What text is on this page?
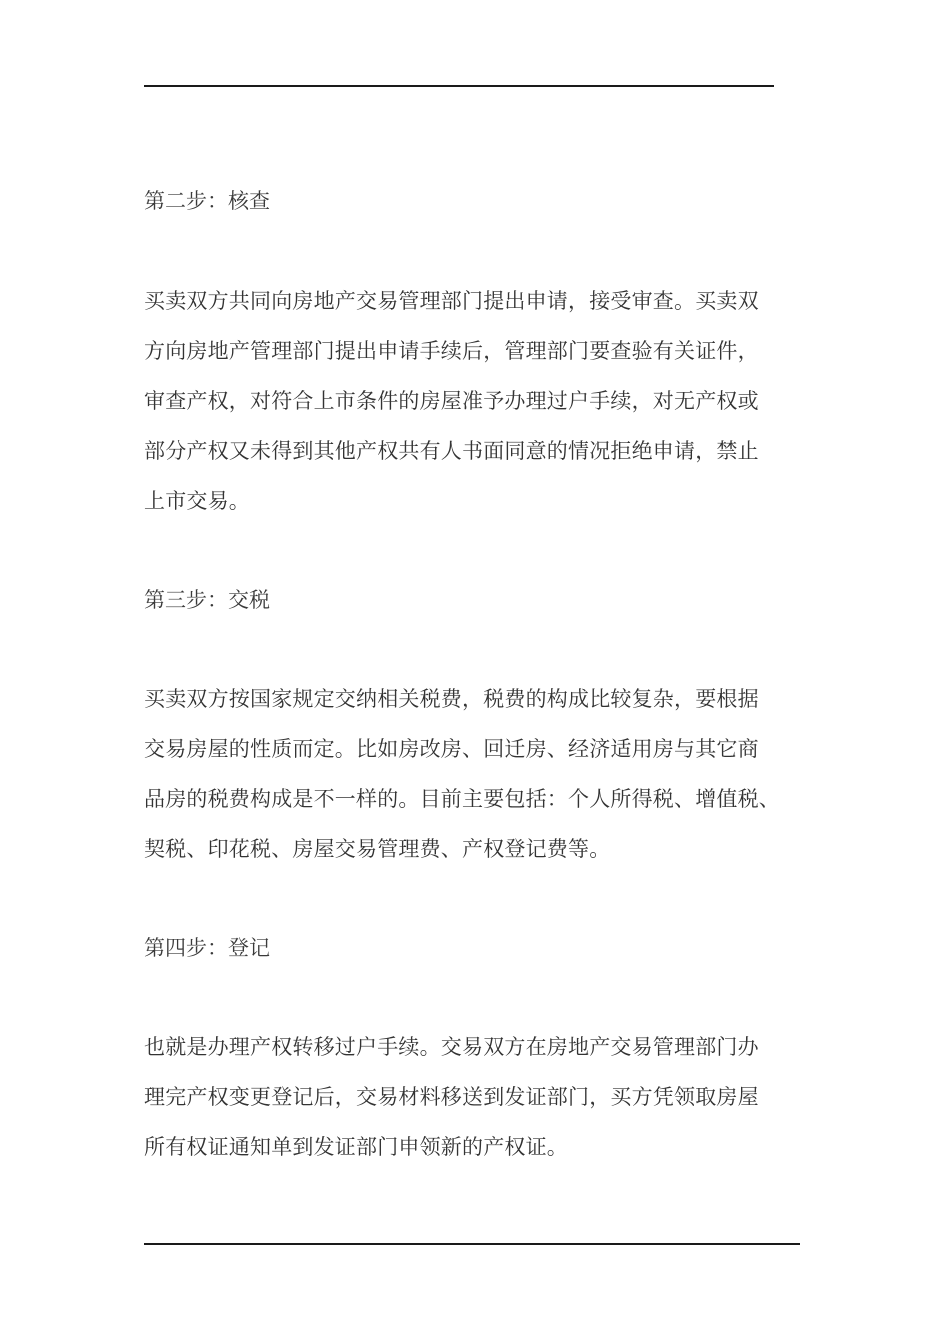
第二步：核查

买卖双方共同向房地产交易管理部门提出申请，接受审查。买卖双

方向房地产管理部门提出申请手续后，管理部门要查验有关证件，

审查产权，对符合上市条件的房屋准予办理过户手续，对无产权或

部分产权又未得到其他产权共有人书面同意的情况拒绝申请，禁止

上市交易。

第三步：交税

买卖双方按国家规定交纳相关税费，税费的构成比较复杂，要根据

交易房屋的性质而定。比如房改房、回迁房、经济适用房与其它商

品房的税费构成是不一样的。目前主要包括：个人所得税、增值税、

契税、印花税、房屋交易管理费、产权登记费等。

第四步：登记

也就是办理产权转移过户手续。交易双方在房地产交易管理部门办

理完产权变更登记后，交易材料移送到发证部门，买方凭领取房屋

所有权证通知单到发证部门申领新的产权证。
